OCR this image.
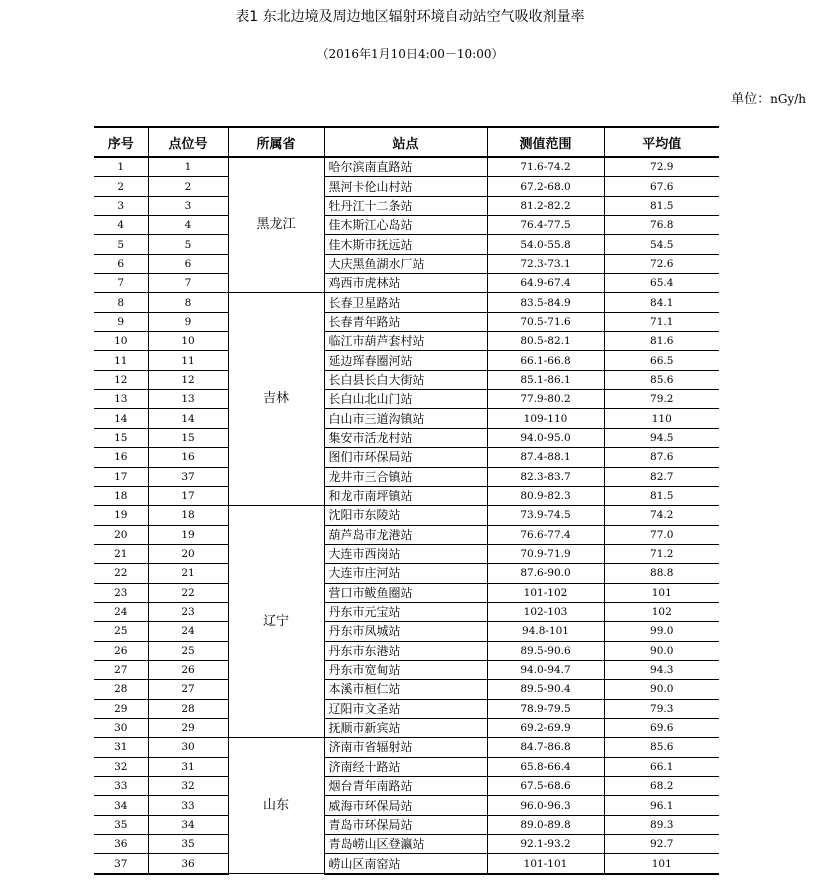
表1 东北边境及周边地区辐射环境自动站空气吸收剂量率
（2016年1月10日4:00－10:00）
单位：nGy/h
序号	点位号	所属省	站点	测值范围	平均值
1	1	黑龙江	哈尔滨南直路站	71.6-74.2	72.9
2	2		黑河卡伦山村站	67.2-68.0	67.6
3	3		牡丹江十二条站	81.2-82.2	81.5
4	4		佳木斯江心岛站	76.4-77.5	76.8
5	5		佳木斯市抚远站	54.0-55.8	54.5
6	6		大庆黑鱼湖水厂站	72.3-73.1	72.6
7	7		鸡西市虎林站	64.9-67.4	65.4
8	8	吉林	长春卫星路站	83.5-84.9	84.1
9	9		长春青年路站	70.5-71.6	71.1
10	10		临江市葫芦套村站	80.5-82.1	81.6
11	11		延边珲春圈河站	66.1-66.8	66.5
12	12		长白县长白大街站	85.1-86.1	85.6
13	13		长白山北山门站	77.9-80.2	79.2
14	14		白山市三道沟镇站	109-110	110
15	15		集安市活龙村站	94.0-95.0	94.5
16	16		图们市环保局站	87.4-88.1	87.6
17	37		龙井市三合镇站	82.3-83.7	82.7
18	17		和龙市南坪镇站	80.9-82.3	81.5
19	18	辽宁	沈阳市东陵站	73.9-74.5	74.2
20	19		葫芦岛市龙港站	76.6-77.4	77.0
21	20		大连市西岗站	70.9-71.9	71.2
22	21		大连市庄河站	87.6-90.0	88.8
23	22		营口市鲅鱼圈站	101-102	101
24	23		丹东市元宝站	102-103	102
25	24		丹东市凤城站	94.8-101	99.0
26	25		丹东市东港站	89.5-90.6	90.0
27	26		丹东市宽甸站	94.0-94.7	94.3
28	27		本溪市桓仁站	89.5-90.4	90.0
29	28		辽阳市文圣站	78.9-79.5	79.3
30	29		抚顺市新宾站	69.2-69.9	69.6
31	30	山东	济南市省辐射站	84.7-86.8	85.6
32	31		济南经十路站	65.8-66.4	66.1
33	32		烟台青年南路站	67.5-68.6	68.2
34	33		威海市环保局站	96.0-96.3	96.1
35	34		青岛市环保局站	89.0-89.8	89.3
36	35		青岛崂山区登瀛站	92.1-93.2	92.7
37	36		崂山区南窑站	101-101	101
